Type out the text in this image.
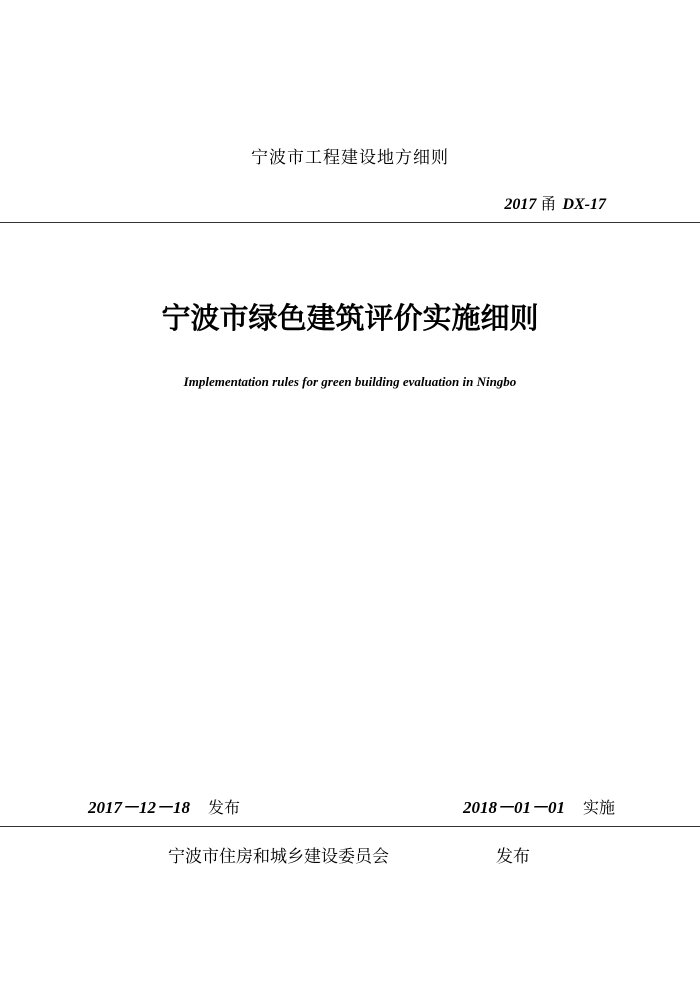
宁波市工程建设地方细则
2017 甬 DX-17
宁波市绿色建筑评价实施细则
Implementation rules for green building evaluation in Ningbo
2017－12－18 发布	2018－01－01 实施
宁波市住房和城乡建设委员会	发布
